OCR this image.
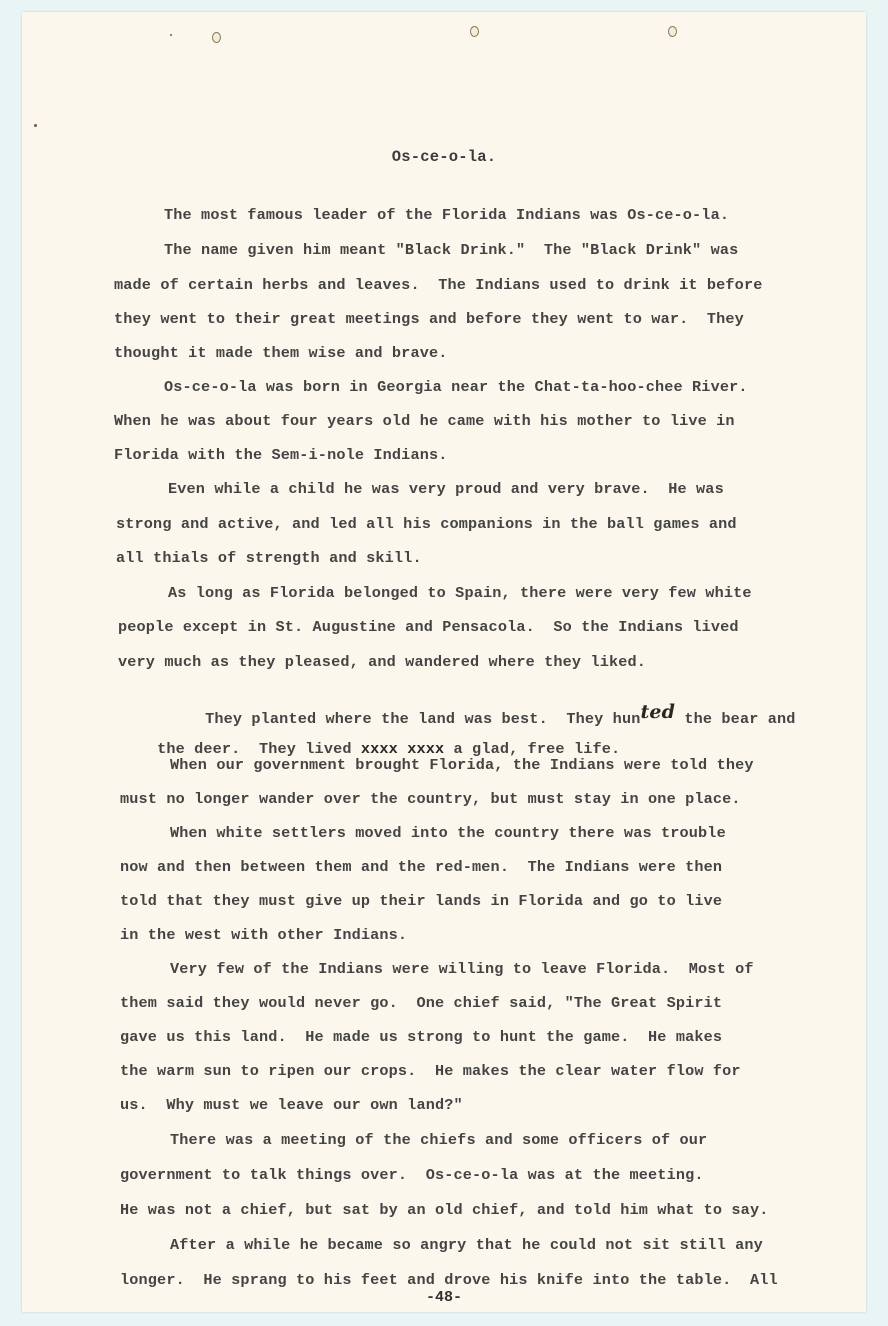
Os-ce-o-la.
The most famous leader of the Florida Indians was Os-ce-o-la.
The name given him meant "Black Drink."  The "Black Drink" was
made of certain herbs and leaves.  The Indians used to drink it before
they went to their great meetings and before they went to war.  They
thought it made them wise and brave.
Os-ce-o-la was born in Georgia near the Chat-ta-hoo-chee River.
When he was about four years old he came with his mother to live in
Florida with the Sem-i-nole Indians.
Even while a child he was very proud and very brave.  He was
strong and active, and led all his companions in the ball games and
all thials of strength and skill.
As long as Florida belonged to Spain, there were very few white
people except in St. Augustine and Pensacola.  So the Indians lived
very much as they pleased, and wandered where they liked.

They planted where the land was best.  They hunted the bear and

the deer.  They lived xxxx xxxx a glad, free life.

When our government brought Florida, the Indians were told they
must no longer wander over the country, but must stay in one place.
When white settlers moved into the country there was trouble
now and then between them and the red-men.  The Indians were then
told that they must give up their lands in Florida and go to live
in the west with other Indians.
Very few of the Indians were willing to leave Florida.  Most of
them said they would never go.  One chief said, "The Great Spirit
gave us this land.  He made us strong to hunt the game.  He makes
the warm sun to ripen our crops.  He makes the clear water flow for
us.  Why must we leave our own land?"
There was a meeting of the chiefs and some officers of our
government to talk things over.  Os-ce-o-la was at the meeting.
He was not a chief, but sat by an old chief, and told him what to say.
After a while he became so angry that he could not sit still any
longer.  He sprang to his feet and drove his knife into the table.  All
-48-
